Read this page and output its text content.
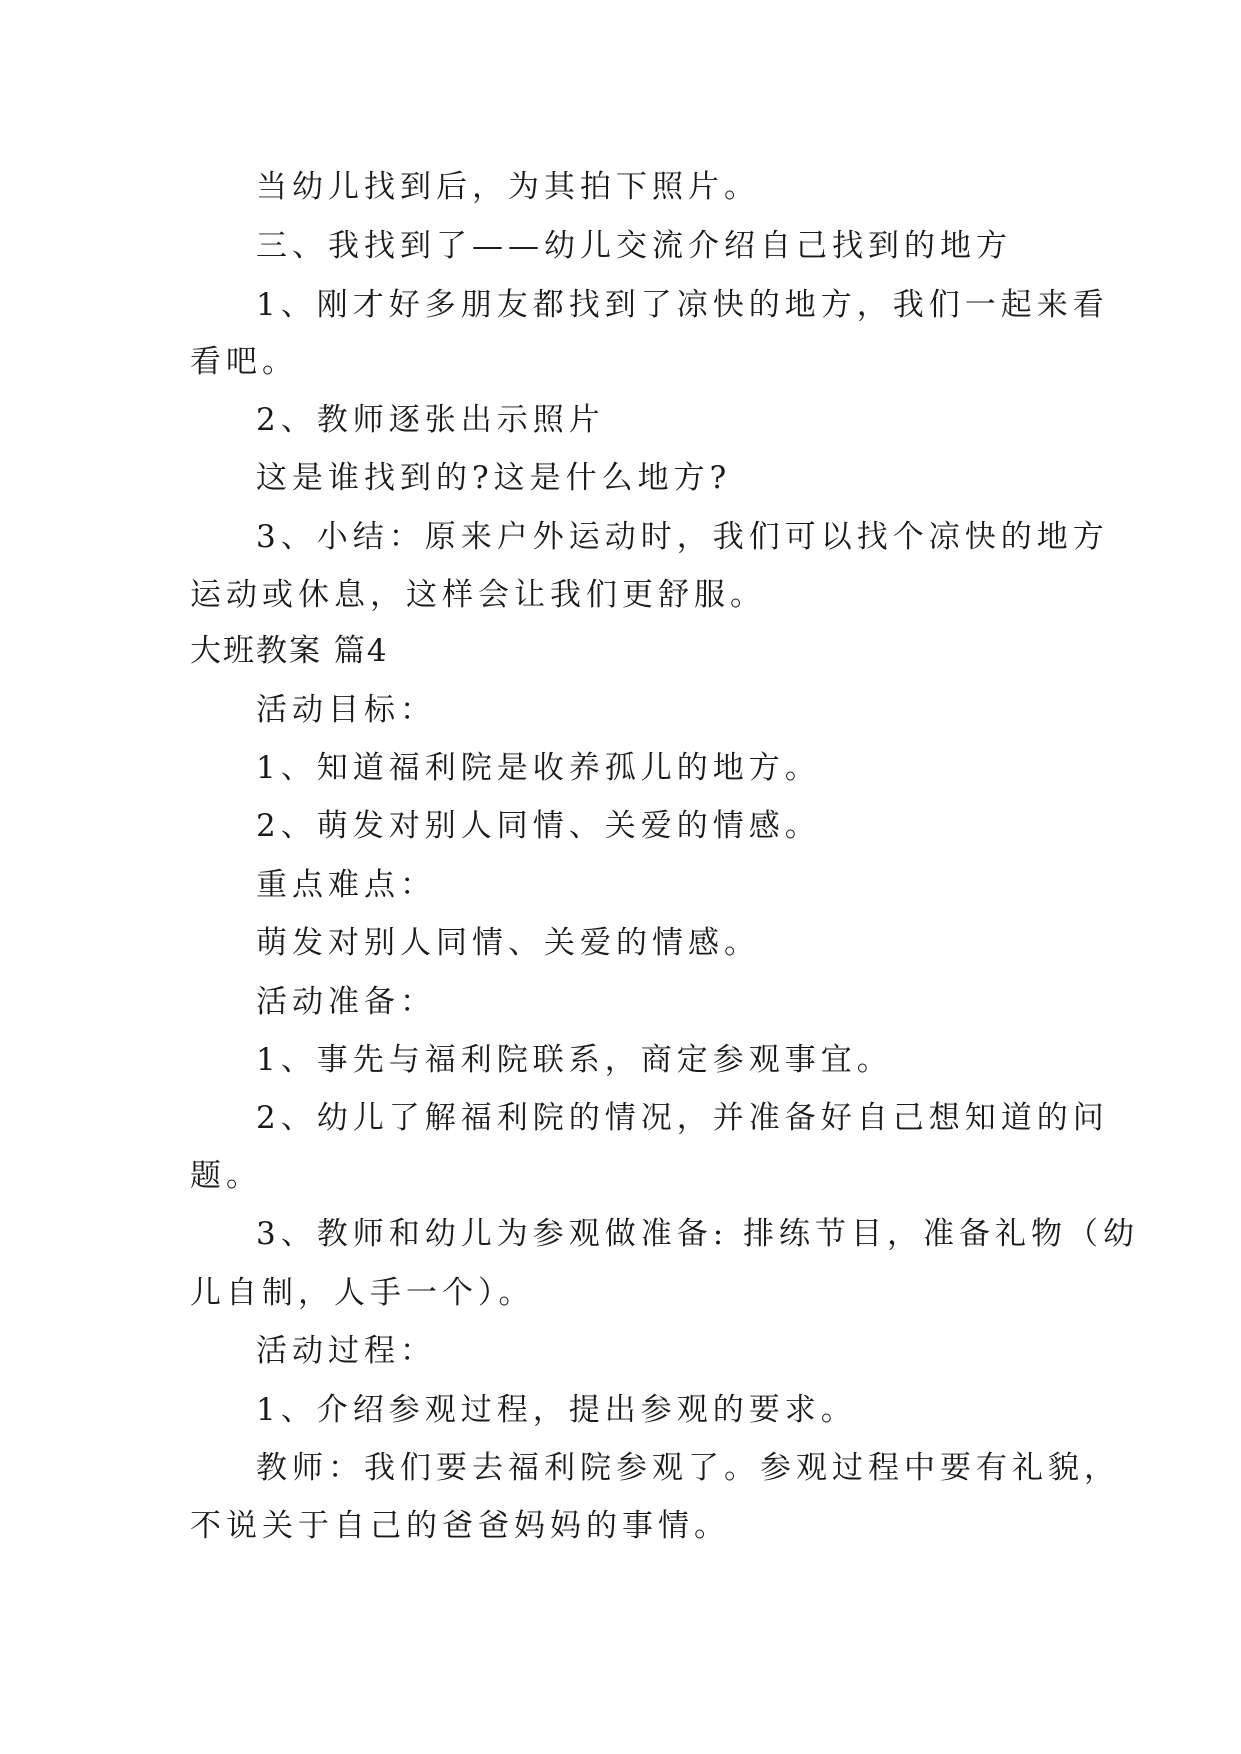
当幼儿找到后，为其拍下照片。
三、我找到了——幼儿交流介绍自己找到的地方
1、刚才好多朋友都找到了凉快的地方，我们一起来看
看吧。
2、教师逐张出示照片
这是谁找到的?这是什么地方?
3、小结：原来户外运动时，我们可以找个凉快的地方
运动或休息，这样会让我们更舒服。
大班教案 篇4
活动目标：
1、知道福利院是收养孤儿的地方。
2、萌发对别人同情、关爱的情感。
重点难点：
萌发对别人同情、关爱的情感。
活动准备：
1、事先与福利院联系，商定参观事宜。
2、幼儿了解福利院的情况，并准备好自己想知道的问
题。
3、教师和幼儿为参观做准备: 排练节目，准备礼物（幼
儿自制，人手一个）。
活动过程：
1、介绍参观过程，提出参观的要求。
教师：我们要去福利院参观了。参观过程中要有礼貌，
不说关于自己的爸爸妈妈的事情。
